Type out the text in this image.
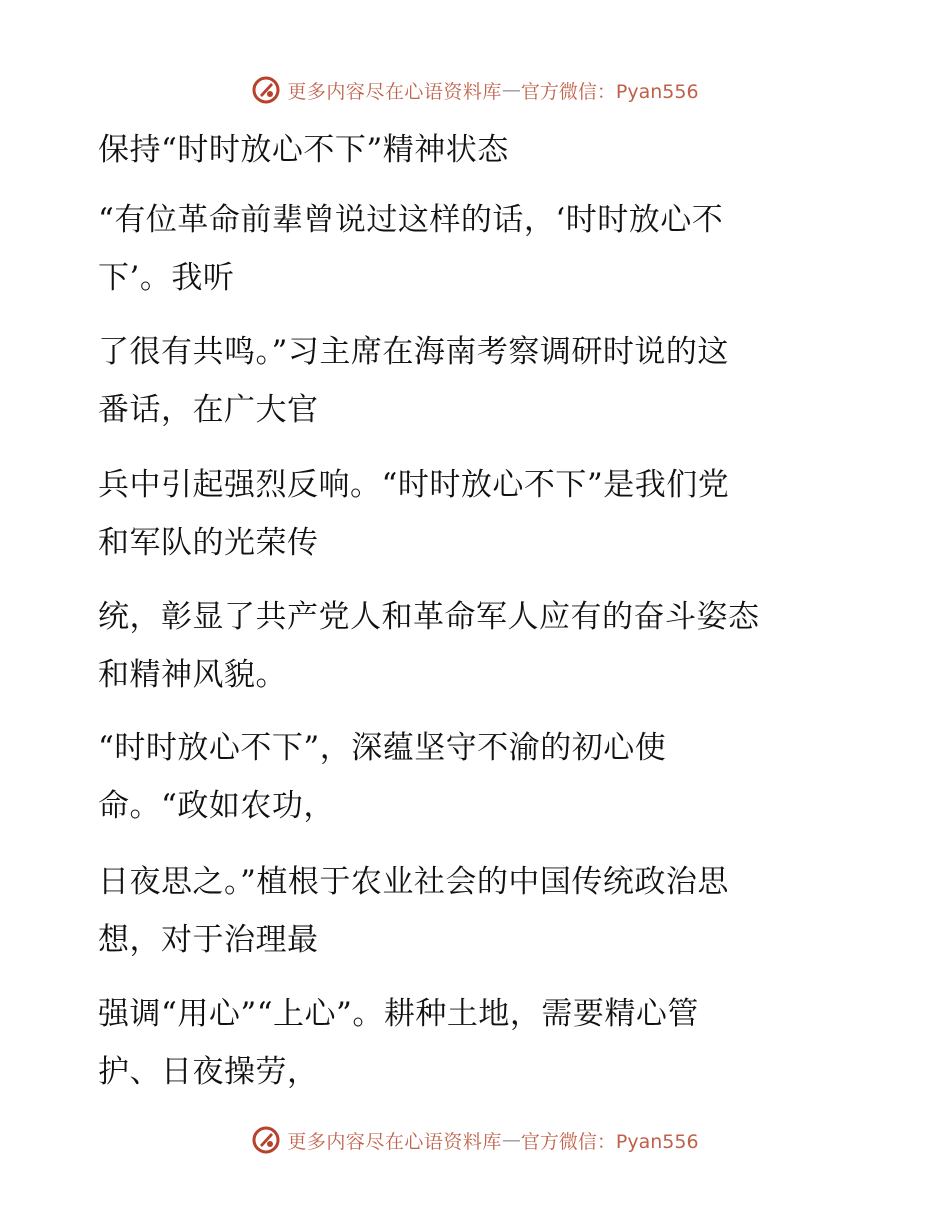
更多内容尽在心语资料库 — 官方微信：Pyan556
保持“时时放心不下”精神状态
“有位革命前辈曾说过这样的话，‘时时放心不
下’。我听
了很有共鸣。”习主席在海南考察调研时说的这
番话，在广大官
兵中引起强烈反响。“时时放心不下”是我们党
和军队的光荣传
统，彰显了共产党人和革命军人应有的奋斗姿态
和精神风貌。
“时时放心不下”，深蕴坚守不渝的初心使
命。“政如农功，
日夜思之。”植根于农业社会的中国传统政治思
想，对于治理最
强调“用心”“上心”。耕种土地，需要精心管
护、日夜操劳，
更多内容尽在心语资料库 — 官方微信：Pyan556
